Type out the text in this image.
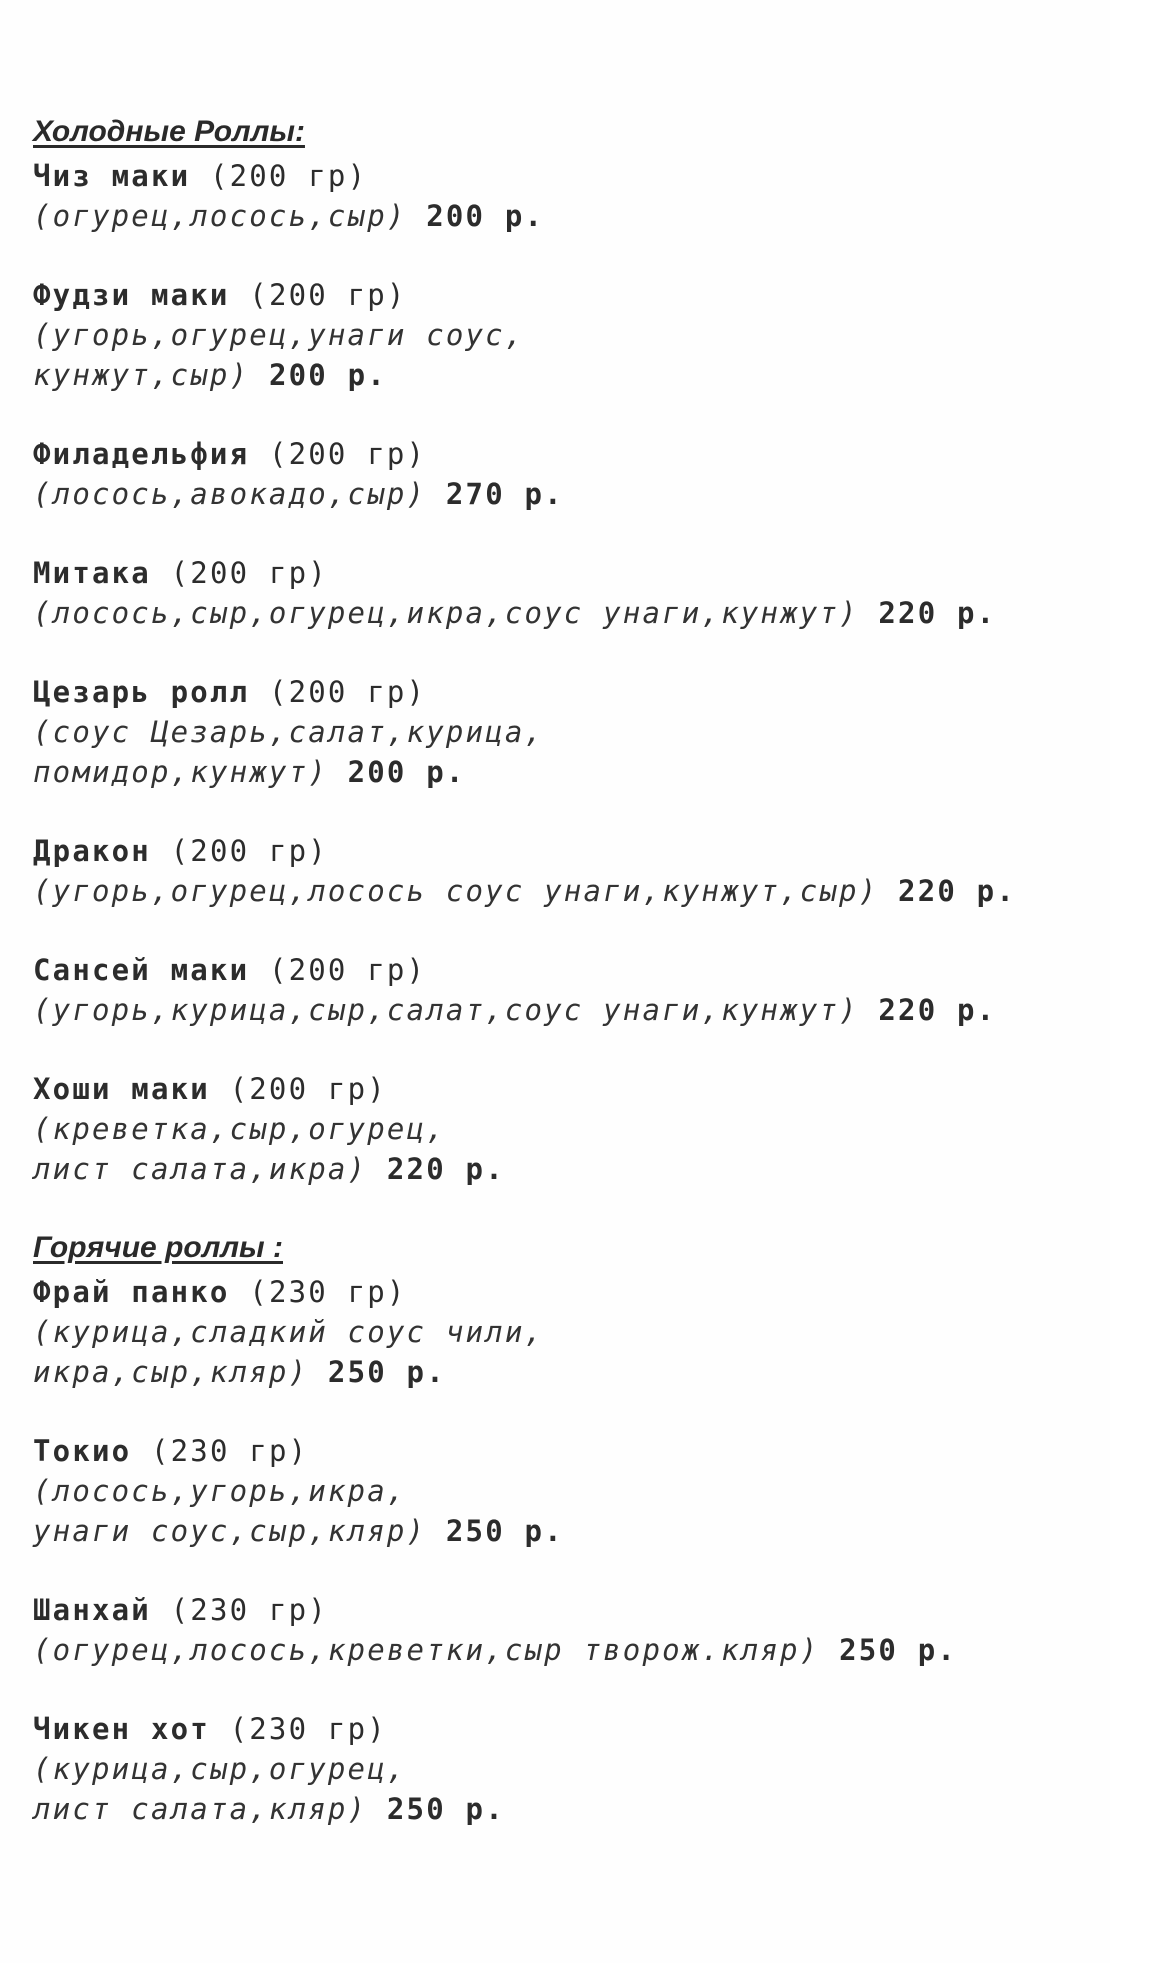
Холодные Роллы:
Чиз маки (200 гр)
(огурец,лосось,сыр) 200 р.
Фудзи маки (200 гр)
(угорь,огурец,унаги соус,
кунжут,сыр) 200 р.
Филадельфия (200 гр)
(лосось,авокадо,сыр) 270 р.
Митака (200 гр)
(лосось,сыр,огурец,икра,соус унаги,кунжут) 220 р.
Цезарь ролл (200 гр)
(соус Цезарь,салат,курица,
помидор,кунжут) 200 р.
Дракон (200 гр)
(угорь,огурец,лосось соус унаги,кунжут,сыр) 220 р.
Сансей маки (200 гр)
(угорь,курица,сыр,салат,соус унаги,кунжут) 220 р.
Хоши маки (200 гр)
(креветка,сыр,огурец,
лист салата,икра) 220 р.
Горячие роллы :
Фрай панко (230 гр)
(курица,сладкий соус чили,
икра,сыр,кляр) 250 р.
Токио (230 гр)
(лосось,угорь,икра,
унаги соус,сыр,кляр) 250 р.
Шанхай (230 гр)
(огурец,лосось,креветки,сыр творож.кляр) 250 р.
Чикен хот (230 гр)
(курица,сыр,огурец,
лист салата,кляр) 250 р.
